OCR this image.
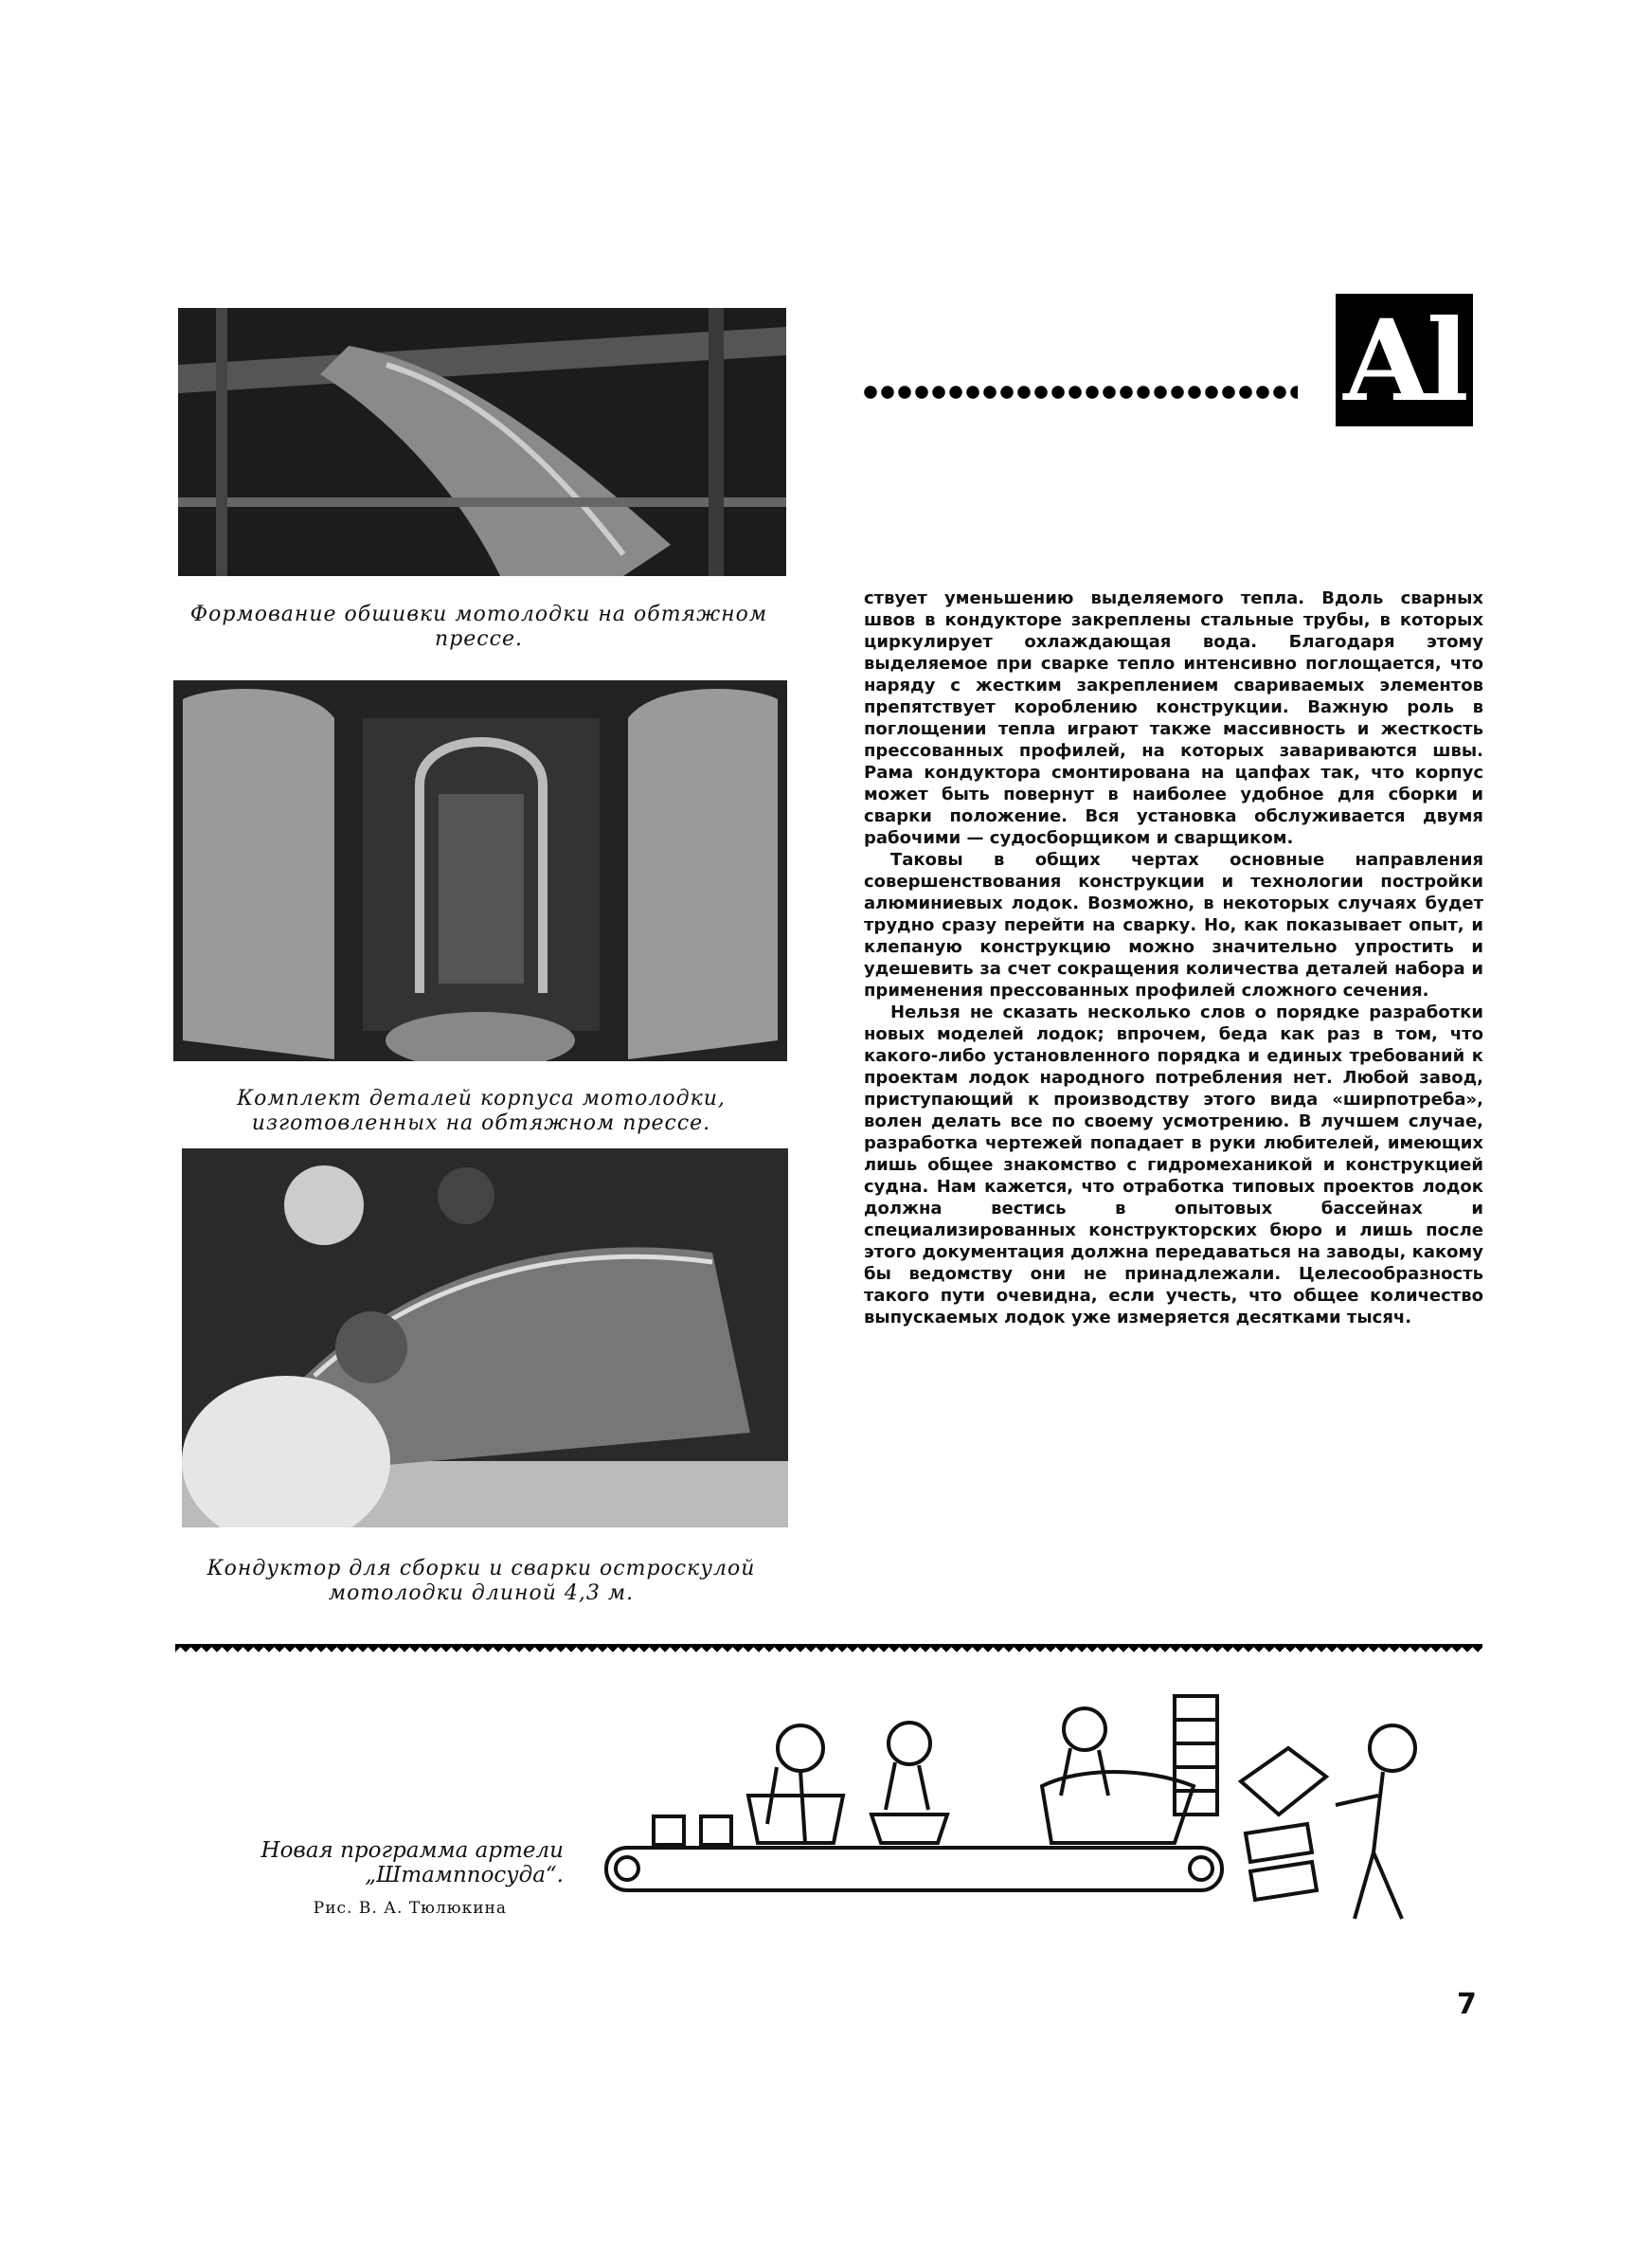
Формование обшивки мотолодки на обтяжном прессе.
Комплект деталей корпуса мотолодки, изготовленных на обтяжном прессе.
Кондуктор для сборки и сварки остроскулой мотолодки длиной 4,3 м.
Al

ствует уменьшению выделяемого тепла. Вдоль сварных швов в кондукторе закреплены стальные трубы, в которых циркулирует охлаждающая вода. Благодаря этому выделяемое при сварке тепло интенсивно поглощается, что наряду с жестким закреплением свариваемых элементов препятствует короблению конструкции. Важную роль в поглощении тепла играют также массивность и жесткость прессованных профилей, на которых завариваются швы. Рама кондуктора смонтирована на цапфах так, что корпус может быть повернут в наиболее удобное для сборки и сварки положение. Вся установка обслуживается двумя рабочими — судосборщиком и сварщиком.

Таковы в общих чертах основные направления совершенствования конструкции и технологии постройки алюминиевых лодок. Возможно, в некоторых случаях будет трудно сразу перейти на сварку. Но, как показывает опыт, и клепаную конструкцию можно значительно упростить и удешевить за счет сокращения количества деталей набора и применения прессованных профилей сложного сечения.

Нельзя не сказать несколько слов о порядке разработки новых моделей лодок; впрочем, беда как раз в том, что какого-либо установленного порядка и единых требований к проектам лодок народного потребления нет. Любой завод, приступающий к производству этого вида «ширпотреба», волен делать все по своему усмотрению. В лучшем случае, разработка чертежей попадает в руки любителей, имеющих лишь общее знакомство с гидромеханикой и конструкцией судна. Нам кажется, что отработка типовых проектов лодок должна вестись в опытовых бассейнах и специализированных конструкторских бюро и лишь после этого документация должна передаваться на заводы, какому бы ведомству они не принадлежали. Целесообразность такого пути очевидна, если учесть, что общее количество выпускаемых лодок уже измеряется десятками тысяч.

Новая программа артели „Штамппосуда“.
Рис. В. А. Тюлюкина
7
